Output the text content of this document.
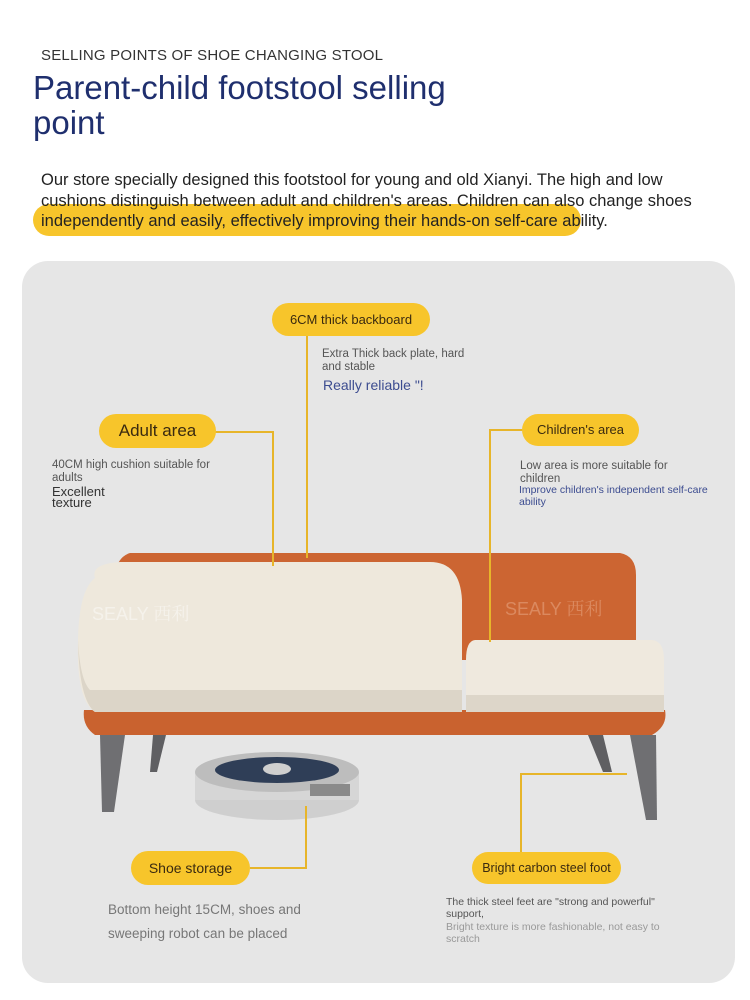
SELLING POINTS OF SHOE CHANGING STOOL
Parent-child footstool selling point
Our store specially designed this footstool for young and old Xianyi. The high and low cushions distinguish between adult and children's areas. Children can also change shoes independently and easily, effectively improving their hands-on self-care ability.
SEALY 西利
SEALY 西利
6CM thick backboard
Adult area	Children's area
Shoe storage	Bright carbon steel foot
Extra Thick back plate, hard and stable
Really reliable "!
40CM high cushion suitable for adults
Excellent texture
Low area is more suitable for children
Improve children's independent self-care ability
Bottom height 15CM, shoes and sweeping robot can be placed
The thick steel feet are "strong and powerful" support,
Bright texture is more fashionable, not easy to scratch
